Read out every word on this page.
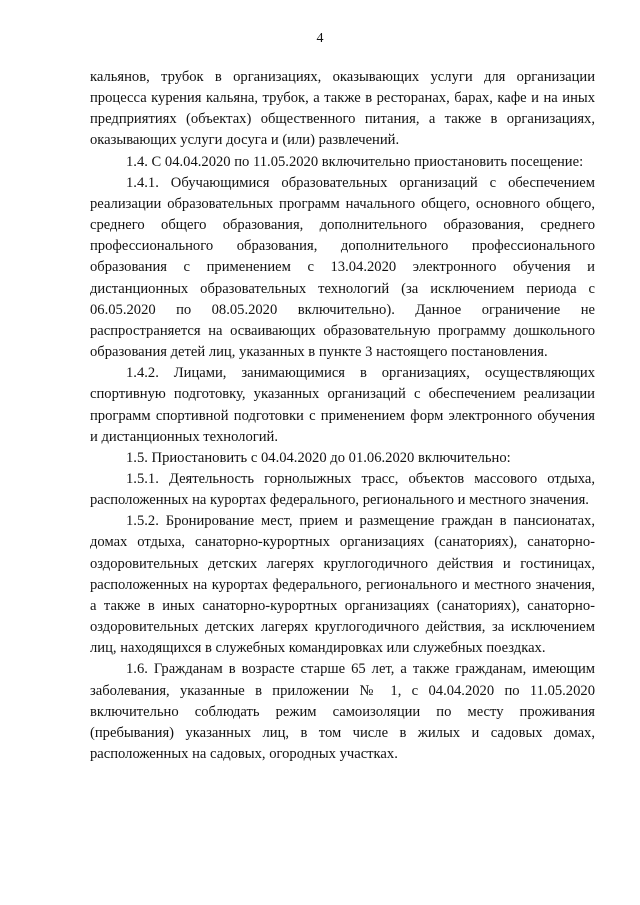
4

кальянов, трубок в организациях, оказывающих услуги для организации процесса курения кальяна, трубок, а также в ресторанах, барах, кафе и на иных предприятиях (объектах) общественного питания, а также в организациях, оказывающих услуги досуга и (или) развлечений.

1.4. С 04.04.2020 по 11.05.2020 включительно приостановить посещение:

1.4.1. Обучающимися образовательных организаций с обеспечением реализации образовательных программ начального общего, основного общего, среднего общего образования, дополнительного образования, среднего профессионального образования, дополнительного профессионального образования с применением с 13.04.2020 электронного обучения и дистанционных образовательных технологий (за исключением периода с 06.05.2020 по 08.05.2020 включительно). Данное ограничение не распространяется на осваивающих образовательную программу дошкольного образования детей лиц, указанных в пункте 3 настоящего постановления.

1.4.2. Лицами, занимающимися в организациях, осуществляющих спортивную подготовку, указанных организаций с обеспечением реализации программ спортивной подготовки с применением форм электронного обучения и дистанционных технологий.

1.5. Приостановить с 04.04.2020 до 01.06.2020 включительно:

1.5.1. Деятельность горнолыжных трасс, объектов массового отдыха, расположенных на курортах федерального, регионального и местного значения.

1.5.2. Бронирование мест, прием и размещение граждан в пансионатах, домах отдыха, санаторно-курортных организациях (санаториях), санаторно-оздоровительных детских лагерях круглогодичного действия и гостиницах, расположенных на курортах федерального, регионального и местного значения, а также в иных санаторно-курортных организациях (санаториях), санаторно-оздоровительных детских лагерях круглогодичного действия, за исключением лиц, находящихся в служебных командировках или служебных поездках.

1.6. Гражданам в возрасте старше 65 лет, а также гражданам, имеющим заболевания, указанные в приложении № 1, с 04.04.2020 по 11.05.2020 включительно соблюдать режим самоизоляции по месту проживания (пребывания) указанных лиц, в том числе в жилых и садовых домах, расположенных на садовых, огородных участках.
